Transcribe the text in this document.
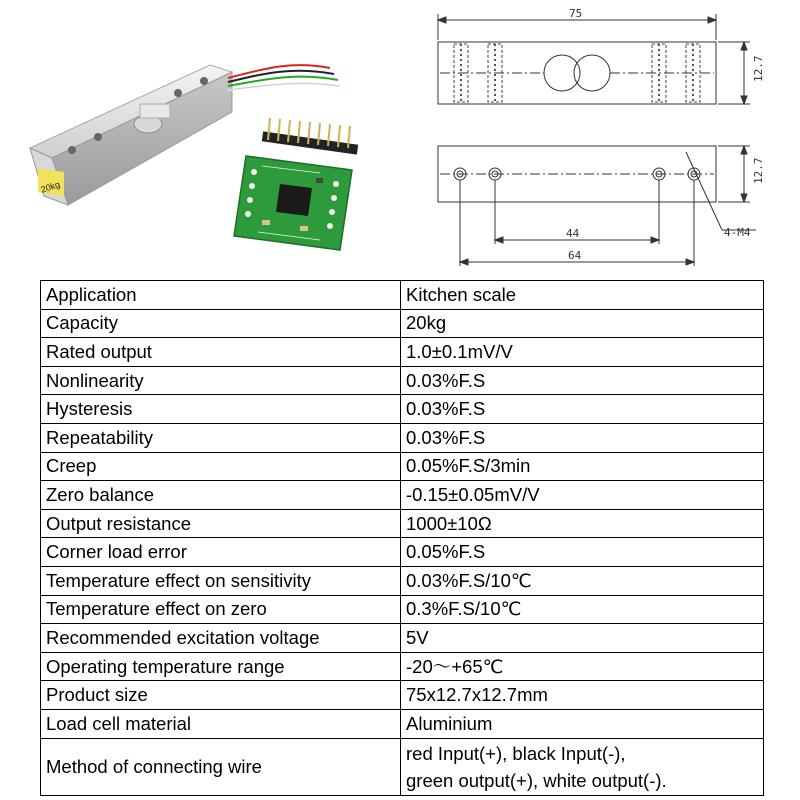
20kg
75
12.7
12.7
44
64
4-M4
Application	Kitchen scale
Capacity	20kg
Rated output	1.0±0.1mV/V
Nonlinearity	0.03%F.S
Hysteresis	0.03%F.S
Repeatability	0.03%F.S
Creep	0.05%F.S/3min
Zero balance	-0.15±0.05mV/V
Output resistance	1000±10Ω
Corner load error	0.05%F.S
Temperature effect on sensitivity	0.03%F.S/10℃
Temperature effect on zero	0.3%F.S/10℃
Recommended excitation voltage	5V
Operating temperature range	-20～+65℃
Product size	75x12.7x12.7mm
Load cell material	Aluminium
Method of connecting wire	red Input(+), black Input(-),
green output(+), white output(-).
